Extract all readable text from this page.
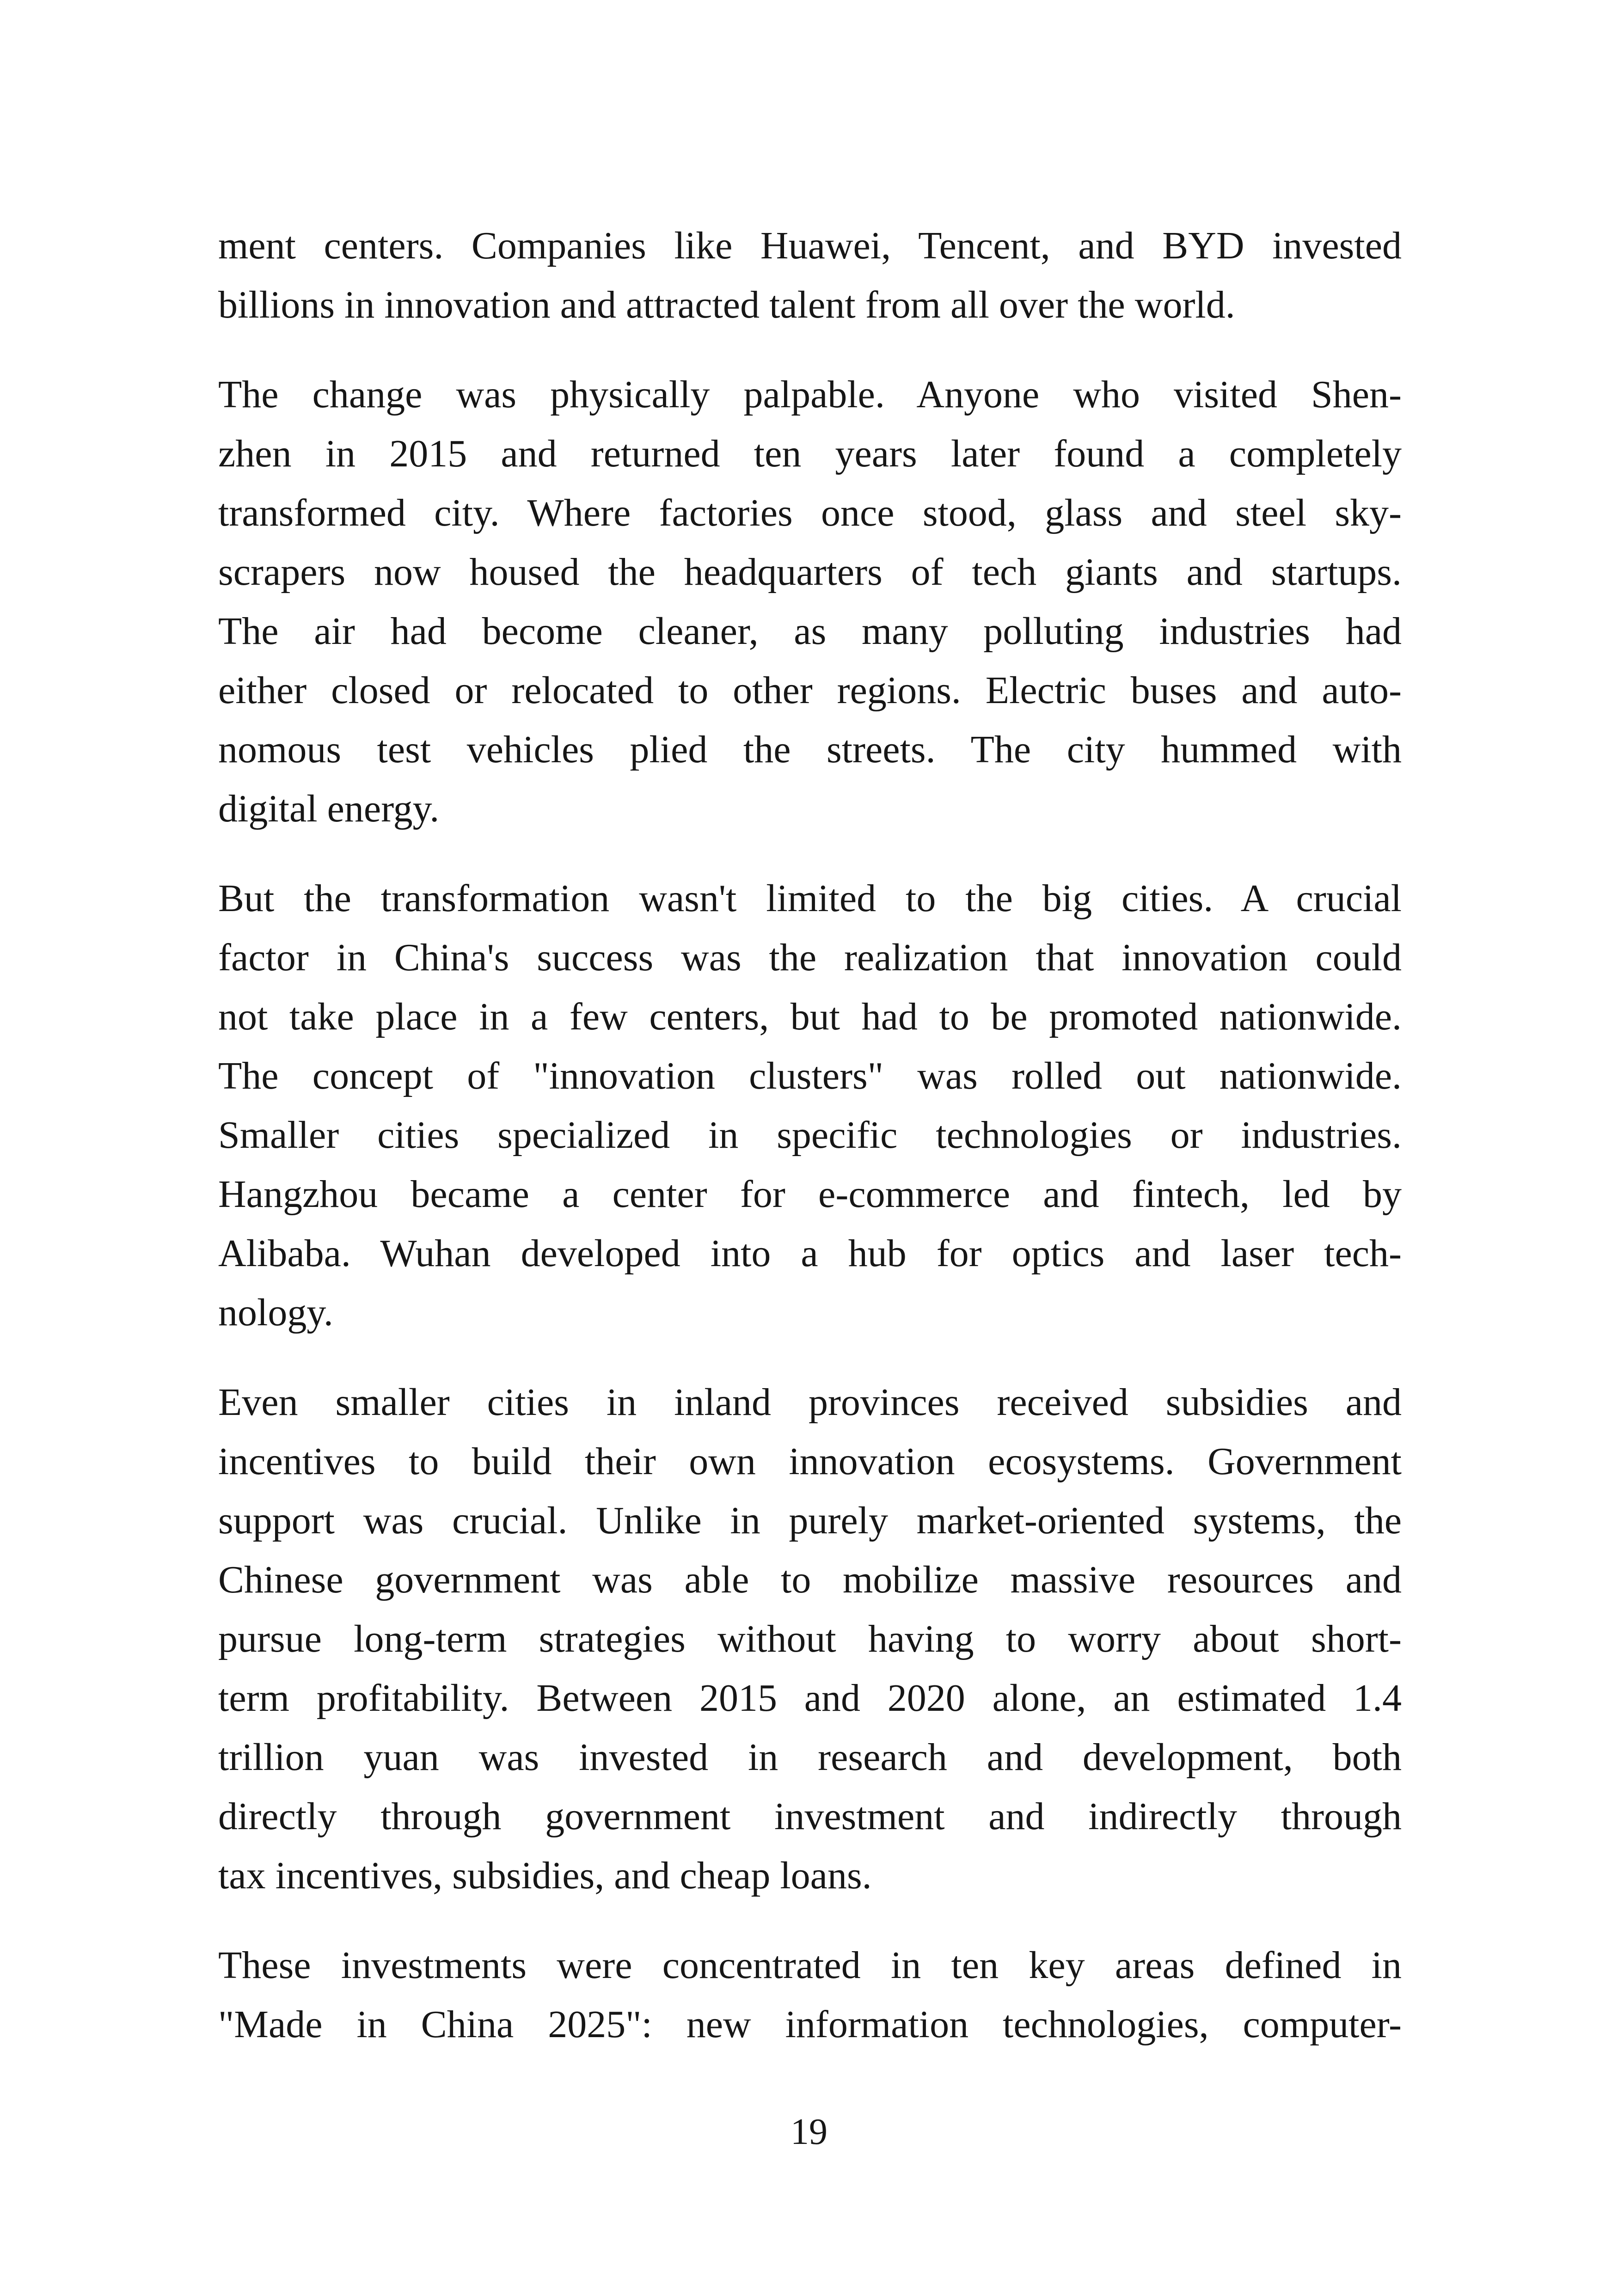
ment centers. Companies like Huawei, Tencent, and BYD invested
billions in innovation and attracted talent from all over the world.
The change was physically palpable. Anyone who visited Shen-
zhen in 2015 and returned ten years later found a completely
transformed city. Where factories once stood, glass and steel sky-
scrapers now housed the headquarters of tech giants and startups.
The air had become cleaner, as many polluting industries had
either closed or relocated to other regions. Electric buses and auto-
nomous test vehicles plied the streets. The city hummed with
digital energy.
But the transformation wasn't limited to the big cities. A crucial
factor in China's success was the realization that innovation could
not take place in a few centers, but had to be promoted nationwide.
The concept of "innovation clusters" was rolled out nationwide.
Smaller cities specialized in specific technologies or industries.
Hangzhou became a center for e-commerce and fintech, led by
Alibaba. Wuhan developed into a hub for optics and laser tech-
nology.
Even smaller cities in inland provinces received subsidies and
incentives to build their own innovation ecosystems. Government
support was crucial. Unlike in purely market-oriented systems, the
Chinese government was able to mobilize massive resources and
pursue long-term strategies without having to worry about short-
term profitability. Between 2015 and 2020 alone, an estimated 1.4
trillion yuan was invested in research and development, both
directly through government investment and indirectly through
tax incentives, subsidies, and cheap loans.
These investments were concentrated in ten key areas defined in
"Made in China 2025": new information technologies, computer-
19
